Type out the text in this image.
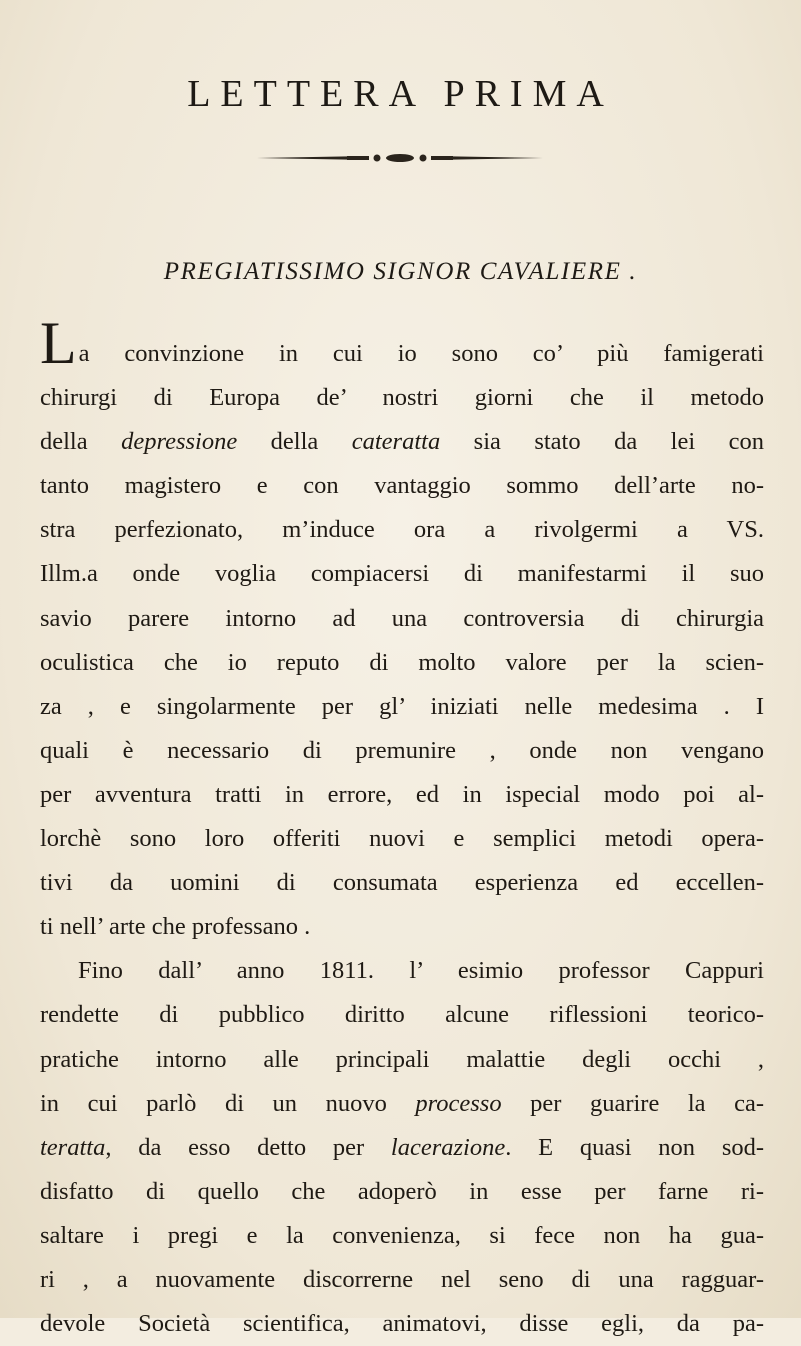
LETTERA PRIMA
PREGIATISSIMO SIGNOR CAVALIERE .
La convinzione in cui io sono co’ più famigerati
chirurgi di Europa de’ nostri giorni che il metodo
della depressione della cateratta sia stato da lei con
tanto magistero e con vantaggio sommo dell’arte no-
stra perfezionato, m’induce ora a rivolgermi a VS.
Illm.a onde voglia compiacersi di manifestarmi il suo
savio parere intorno ad una controversia di chirurgia
oculistica che io reputo di molto valore per la scien-
za , e singolarmente per gl’ iniziati nelle medesima . I
quali è necessario di premunire , onde non vengano
per avventura tratti in errore, ed in ispecial modo poi al-
lorchè sono loro offeriti nuovi e semplici metodi opera-
tivi da uomini di consumata esperienza ed eccellen-
ti nell’ arte che professano .
Fino dall’ anno 1811. l’ esimio professor Cappuri
rendette di pubblico diritto alcune riflessioni teorico-
pratiche intorno alle principali malattie degli occhi ,
in cui parlò di un nuovo processo per guarire la ca-
teratta, da esso detto per lacerazione. E quasi non sod-
disfatto di quello che adoperò in esse per farne ri-
saltare i pregi e la convenienza, si fece non ha gua-
ri , a nuovamente discorrerne nel seno di una ragguar-
devole Società scientifica, animatovi, disse egli, da pa-
